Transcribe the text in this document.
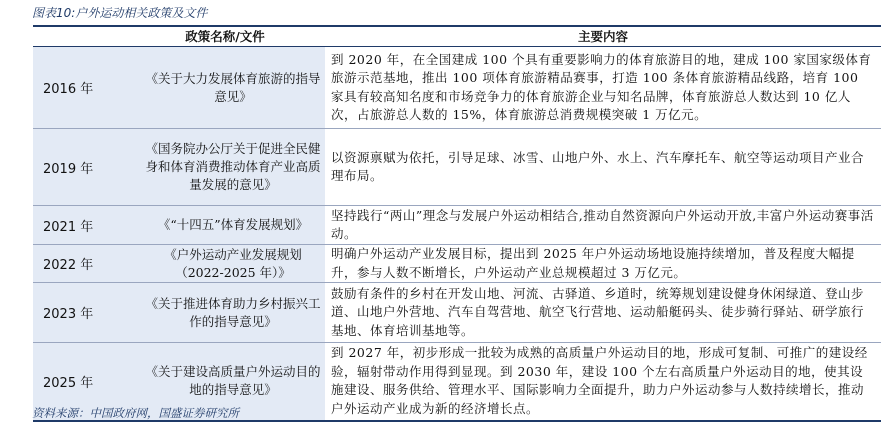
图表10:户外运动相关政策及文件
	政策名称/文件	主要内容
2016 年	《关于大力发展体育旅游的指导意见》	到 2020 年，在全国建成 100 个具有重要影响力的体育旅游目的地，建成 100 家国家级体育旅游示范基地，推出 100 项体育旅游精品赛事，打造 100 条体育旅游精品线路，培育 100 家具有较高知名度和市场竞争力的体育旅游企业与知名品牌，体育旅游总人数达到 10 亿人次，占旅游总人数的 15%，体育旅游总消费规模突破 1 万亿元。
2019 年	《国务院办公厅关于促进全民健身和体育消费推动体育产业高质量发展的意见》	以资源禀赋为依托，引导足球、冰雪、山地户外、水上、汽车摩托车、航空等运动项目产业合理布局。
2021 年	《“十四五”体育发展规划》	坚持践行“两山”理念与发展户外运动相结合,推动自然资源向户外运动开放,丰富户外运动赛事活动。
2022 年	《户外运动产业发展规划（2022-2025 年）》	明确户外运动产业发展目标，提出到 2025 年户外运动场地设施持续增加，普及程度大幅提升，参与人数不断增长，户外运动产业总规模超过 3 万亿元。
2023 年	《关于推进体育助力乡村振兴工作的指导意见》	鼓励有条件的乡村在开发山地、河流、古驿道、乡道时，统筹规划建设健身休闲绿道、登山步道、山地户外营地、汽车自驾营地、航空飞行营地、运动船艇码头、徒步骑行驿站、研学旅行基地、体育培训基地等。
2025 年	《关于建设高质量户外运动目的地的指导意见》	到 2027 年，初步形成一批较为成熟的高质量户外运动目的地，形成可复制、可推广的建设经验，辐射带动作用得到显现。到 2030 年，建设 100 个左右高质量户外运动目的地，使其设施建设、服务供给、管理水平、国际影响力全面提升，助力户外运动参与人数持续增长，推动户外运动产业成为新的经济增长点。
资料来源：中国政府网，国盛证券研究所
